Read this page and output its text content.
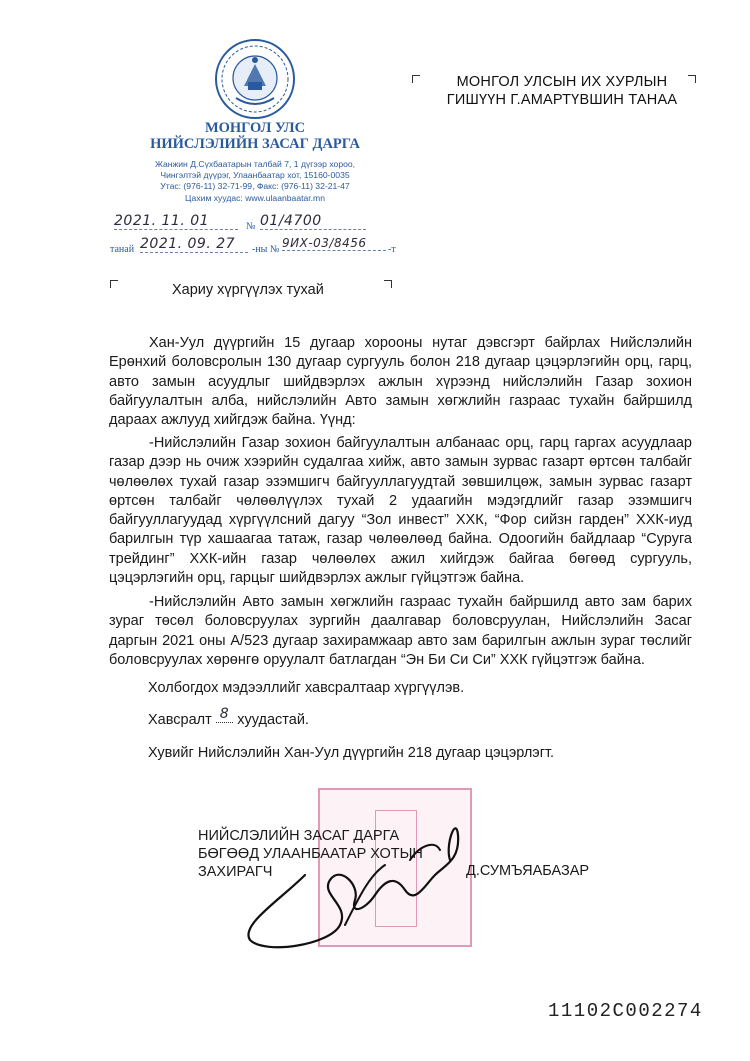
МОНГОЛ УЛС
НИЙСЛЭЛИЙН ЗАСАГ ДАРГА
Жанжин Д.Сүхбаатарын талбай 7, 1 дүгээр хороо,
Чингэлтэй дүүрэг, Улаанбаатар хот, 15160-0035
Утас: (976-11) 32-71-99, Факс: (976-11) 32-21-47
Цахим хуудас: www.ulaanbaatar.mn
МОНГОЛ УЛСЫН ИХ ХУРЛЫН
ГИШҮҮН Г.АМАРТҮВШИН ТАНАА
2021. 11. 01	№ 01/4700
танай 2021. 09. 27	-ны № 9ИХ-03/8456	-т
Хариу хүргүүлэх тухай

Хан-Уул дүүргийн 15 дугаар хорооны нутаг дэвсгэрт байрлах Нийслэлийн Ерөнхий боловсролын 130 дугаар сургууль болон 218 дугаар цэцэрлэгийн орц, гарц, авто замын асуудлыг шийдвэрлэх ажлын хүрээнд нийслэлийн Газар зохион байгуулалтын алба, нийслэлийн Авто замын хөгжлийн газраас тухайн байршилд дараах ажлууд хийгдэж байна. Үүнд:

-Нийслэлийн Газар зохион байгуулалтын албанаас орц, гарц гаргах асуудлаар газар дээр нь очиж хээрийн судалгаа хийж, авто замын зурвас газарт өртсөн талбайг чөлөөлөх тухай газар эзэмшигч байгууллагуудтай зөвшилцөж, замын зурвас газарт өртсөн талбайг чөлөөлүүлэх тухай 2 удаагийн мэдэгдлийг газар эзэмшигч байгууллагуудад хүргүүлсний дагуу “Зол инвест” ХХК, “Фор сийзн гарден” ХХК-иуд барилгын түр хашаагаа татаж, газар чөлөөлөөд байна. Одоогийн байдлаар “Суруга трейдинг” ХХК-ийн газар чөлөөлөх ажил хийгдэж байгаа бөгөөд сургууль, цэцэрлэгийн орц, гарцыг шийдвэрлэх ажлыг гүйцэтгэж байна.

-Нийслэлийн Авто замын хөгжлийн газраас тухайн байршилд авто зам барих зураг төсөл боловсруулах зургийн даалгавар боловсруулан, Нийслэлийн Засаг даргын 2021 оны А/523 дугаар захирамжаар авто зам барилгын ажлын зураг төслийг боловсруулах хөрөнгө оруулалт батлагдан “Эн Би Си Си” ХХК гүйцэтгэж байна.

Холбогдох мэдээллийг хавсралтаар хүргүүлэв.
Хавсралт 8 хуудастай.
Хувийг Нийслэлийн Хан-Уул дүүргийн 218 дугаар цэцэрлэгт.
НИЙСЛЭЛИЙН ЗАСАГ ДАРГА
БӨГӨӨД УЛААНБААТАР ХОТЫН
ЗАХИРАГЧ	Д.СУМЪЯАБАЗАР
11102C002274
